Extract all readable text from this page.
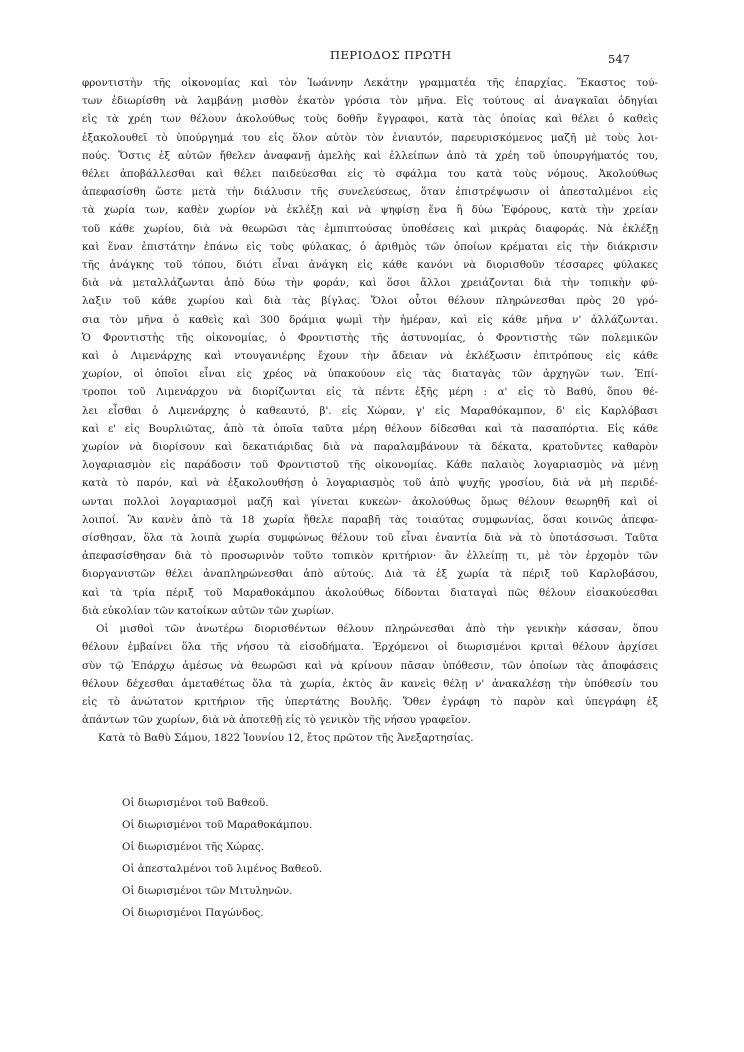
ΠΕΡΙΟΔΟΣ ΠΡΩΤΗ	547
φροντιστὴν τῆς οἰκονομίας καὶ τὸν Ἰωάννην Λεκάτην γραμματέα τῆς ἐπαρχίας. Ἕκαστος τού-
των ἐδιωρίσθη νὰ λαμβάνῃ μισθὸν ἑκατὸν γρόσια τὸν μῆνα. Εἰς τούτους αἱ ἀναγκαῖαι ὁδηγίαι
εἰς τὰ χρέη των θέλουν ἀκολούθως τοὺς δοθῆν ἔγγραφοι, κατὰ τὰς ὁποίας καὶ θέλει ὁ καθεὶς
ἐξακολουθεῖ τὸ ὑπούργημά του εἰς ὅλον αὐτὸν τὸν ἐνιαυτόν, παρευρισκόμενος μαζῆ μὲ τοὺς λοι-
πούς. Ὅστις ἐξ αὐτῶν ἤθελεν ἀναφανῇ ἀμελὴς καὶ ἐλλείπων ἀπὸ τὰ χρέη τοῦ ὑπουργήματός του,
θέλει ἀποβάλλεσθαι καὶ θέλει παιδεύεσθαι εἰς τὸ σφάλμα του κατὰ τοὺς νόμους. Ἀκολούθως
ἀπεφασίσθη ὥστε μετὰ τὴν διάλυσιν τῆς συνελεύσεως, ὅταν ἐπιστρέψωσιν οἱ ἀπεσταλμένοι εἰς
τὰ χωρία των, καθὲν χωρίον νὰ ἐκλέξῃ καὶ νὰ ψηφίσῃ ἕνα ἢ δύω Ἐφόρους, κατὰ τὴν χρείαν
τοῦ κάθε χωρίου, διὰ νὰ θεωρῶσι τὰς ἐμπιπτούσας ὑποθέσεις καὶ μικρὰς διαφοράς. Νὰ ἐκλέξῃ
καὶ ἕναν ἐπιστάτην ἐπάνω εἰς τοὺς φύλακας, ὁ ἀριθμὸς τῶν ὁποίων κρέμαται εἰς τὴν διάκρισιν
τῆς ἀνάγκης τοῦ τόπου, διότι εἶναι ἀνάγκη εἰς κάθε κανόνι νὰ διορισθοῦν τέσσαρες φύλακες
διὰ νὰ μεταλλάζωνται ἀπὸ δύω τὴν φοράν, καὶ ὅσοι ἄλλοι χρειάζονται διὰ τὴν τοπικὴν φύ-
λαξιν τοῦ κάθε χωρίου καὶ διὰ τὰς βίγλας. Ὅλοι οὗτοι θέλουν πληρώνεσθαι πρὸς 20 γρό-
σια τὸν μῆνα ὁ καθεὶς καὶ 300 δράμια ψωμὶ τὴν ἡμέραν, καὶ εἰς κάθε μῆνα ν' ἀλλάζωνται.
Ὁ Φροντιστὴς τῆς οἰκονομίας, ὁ Φροντιστὴς τῆς ἀστυνομίας, ὁ Φροντιστὴς τῶν πολεμικῶν
καὶ ὁ Λιμενάρχης καὶ ντουγανιέρης ἔχουν τὴν ἄδειαν νὰ ἐκλέξωσιν ἐπιτρόπους εἰς κάθε
χωρίον, οἱ ὁποῖοι εἶναι εἰς χρέος νὰ ὑπακούουν εἰς τὰς διαταγὰς τῶν ἀρχηγῶν των. Ἐπί-
τροποι τοῦ Λιμενάρχου νὰ διορίζωνται εἰς τὰ πέντε ἑξῆς μέρη : α' εἰς τὸ Βαθύ, ὅπου θέ-
λει εἶσθαι ὁ Λιμενάρχης ὁ καθεαυτό, β'. εἰς Χώραν, γ' εἰς Μαραθόκαμπον, δ' εἰς Καρλόβασι
καὶ ε' εἰς Βουρλιῶτας, ἀπὸ τὰ ὁποῖα ταῦτα μέρη θέλουν δίδεσθαι καὶ τὰ πασαπόρτια. Εἰς κάθε
χωρίον νὰ διορίσουν καὶ δεκατιάριδας διὰ νὰ παραλαμβάνουν τὰ δέκατα, κρατοῦντες καθαρὸν
λογαριασμὸν εἰς παράδοσιν τοῦ Φροντιστοῦ τῆς οἰκονομίας. Κάθε παλαιὸς λογαριασμὸς νὰ μένῃ
κατὰ τὸ παρόν, καὶ νὰ ἐξακολουθήσῃ ὁ λογαριασμὸς τοῦ ἀπὸ ψυχῆς γροσίου, διὰ νὰ μὴ περιδέ-
ωνται πολλοὶ λογαριασμοὶ μαζῆ καὶ γίνεται κυκεὼν· ἀκολούθως ὅμως θέλουν θεωρηθῆ καὶ οἱ
λοιποί. Ἂν κανὲν ἀπὸ τὰ 18 χωρία ἤθελε παραβῆ τὰς τοιαύτας συμφωνίας, ὅσαι κοινῶς ἀπεφα-
σίσθησαν, ὅλα τὰ λοιπὰ χωρία συμφώνως θέλουν τοῦ εἶναι ἐναντία διὰ νὰ τὸ ὑποτάσσωσι. Ταῦτα
ἀπεφασίσθησαν διὰ τὸ προσωρινὸν τοῦτο τοπικὸν κριτήριον· ἂν ἐλλείπῃ τι, μὲ τὸν ἐρχομὸν τῶν
διοργανιστῶν θέλει ἀναπληρώνεσθαι ἀπὸ αὐτούς. Διὰ τὰ ἑξ χωρία τὰ πέριξ τοῦ Καρλοβάσου,
καὶ τὰ τρία πέριξ τοῦ Μαραθοκάμπου ἀκολούθως δίδονται διαταγαὶ πῶς θέλουν εἰσακούεσθαι
διὰ εὐκολίαν τῶν κατοίκων αὐτῶν τῶν χωρίων.
Οἱ μισθοὶ τῶν ἀνωτέρω διορισθέντων θέλουν πληρώνεσθαι ἀπὸ τὴν γενικὴν κάσσαν, ὅπου
θέλουν ἐμβαίνει ὅλα τῆς νήσου τὰ εἰσοδήματα. Ἐρχόμενοι οἱ διωρισμένοι κριταὶ θέλουν ἀρχίσει
σὺν τῷ Ἐπάρχῳ ἀμέσως νὰ θεωρῶσι καὶ νὰ κρίνουν πᾶσαν ὑπόθεσιν, τῶν ὁποίων τὰς ἀποφάσεις
θέλουν δέχεσθαι ἀμεταθέτως ὅλα τὰ χωρία, ἐκτὸς ἂν κανεὶς θέλῃ ν' ἀνακαλέσῃ τὴν ὑπόθεσίν του
εἰς τὸ ἀνώτατον κριτήριον τῆς ὑπερτάτης Βουλῆς. Ὅθεν ἐγράφη τὸ παρὸν καὶ ὑπεγράφη ἐξ
ἁπάντων τῶν χωρίων, διὰ νὰ ἀποτεθῇ εἰς τὸ γενικὸν τῆς νήσου γραφεῖον.
Κατὰ τὸ Βαθὺ Σάμου, 1822 Ἰουνίου 12, ἔτος πρῶτον τῆς Ἀνεξαρτησίας.
Οἱ διωρισμένοι τοῦ Βαθεοῦ.
Οἱ διωρισμένοι τοῦ Μαραθοκάμπου.
Οἱ διωρισμένοι τῆς Χώρας.
Οἱ ἀπεσταλμένοι τοῦ λιμένος Βαθεοῦ.
Οἱ διωρισμένοι τῶν Μιτυληνῶν.
Οἱ διωρισμένοι Παγώνδος.
